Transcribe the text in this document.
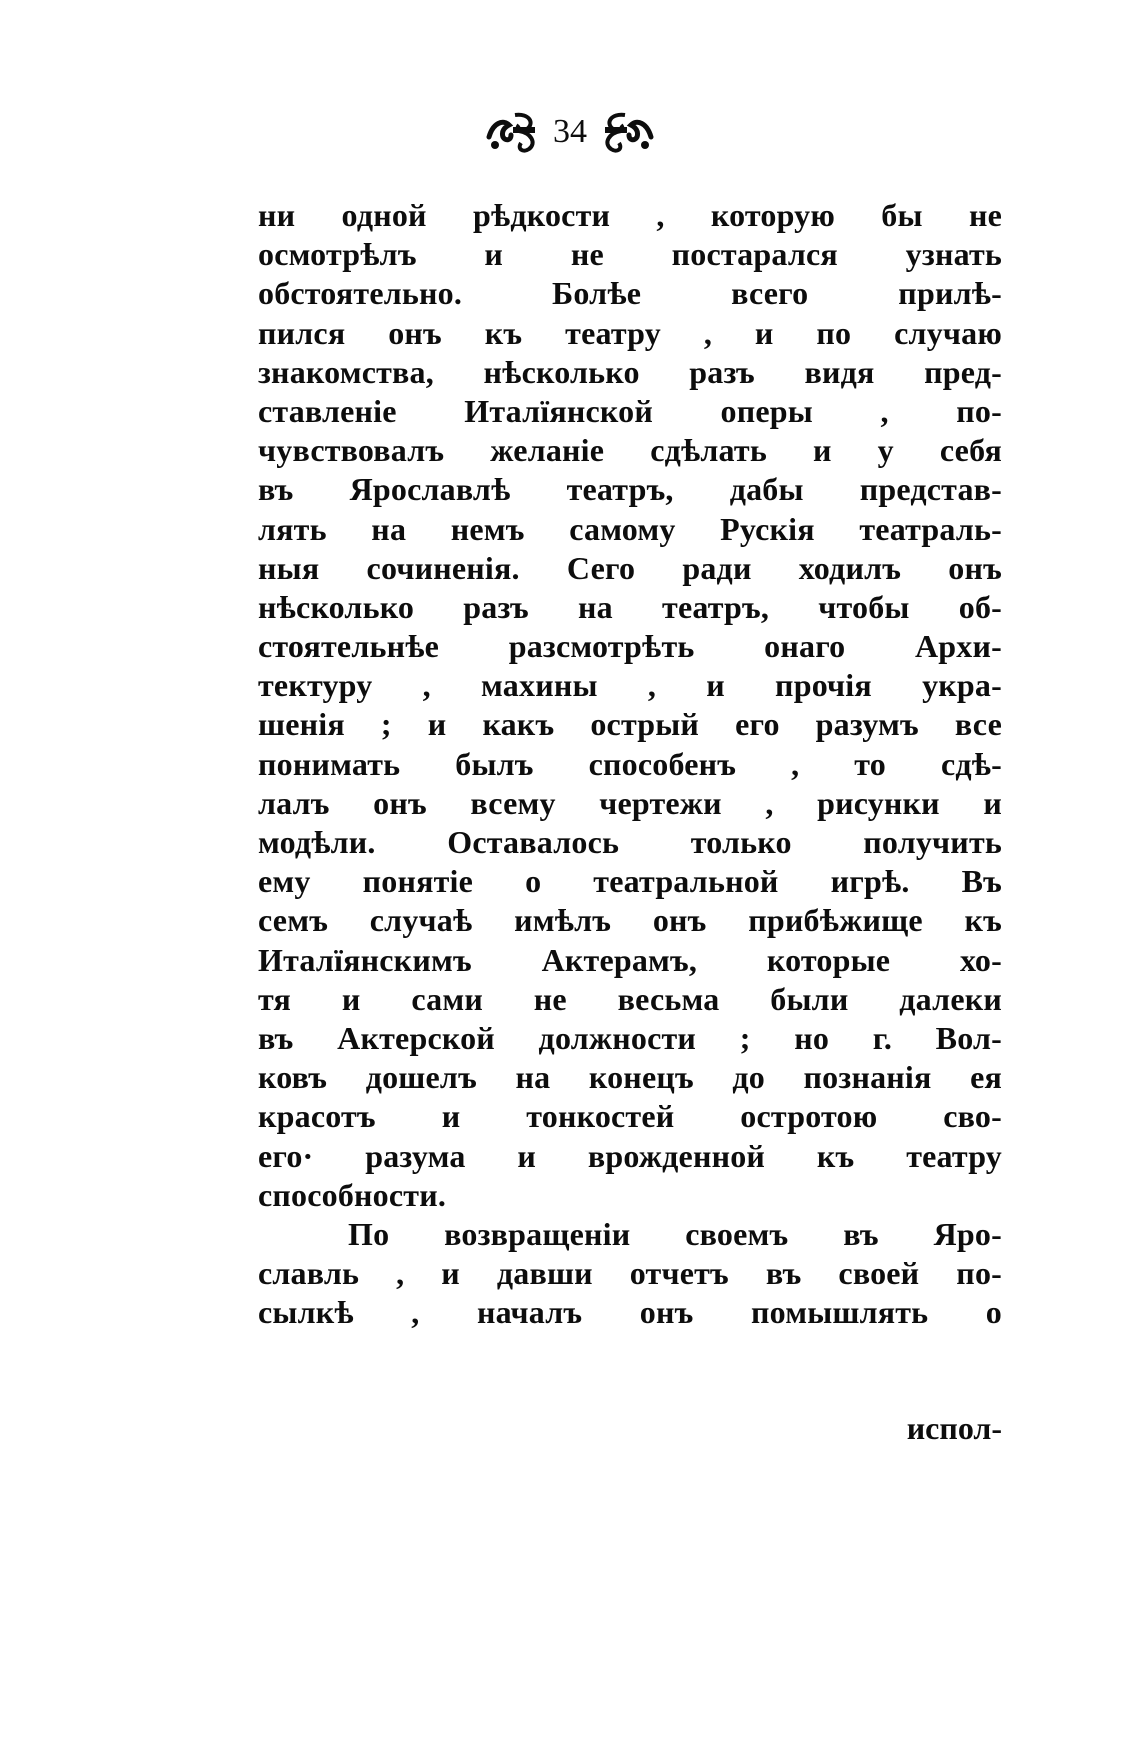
34
ни одной рѣдкости , которую бы не
осмотрѣлъ и не постарался узнать
обстоятельно. Болѣе всего прилѣ-
пился онъ къ театру , и по случаю
знакомства, нѣсколько разъ видя пред-
ставленіе Италїянской оперы , по-
чувствовалъ желаніе сдѣлать и у себя
въ Ярославлѣ театръ, дабы представ-
лять на немъ самому Рускія театраль-
ныя сочиненія. Сего ради ходилъ онъ
нѣсколько разъ на театръ, чтобы об-
стоятельнѣе разсмотрѣть онаго Архи-
тектуру , махины , и прочія укра-
шенія ; и какъ острый его разумъ все
понимать былъ способенъ , то сдѣ-
лалъ онъ всему чертежи , рисунки и
модѣли. Оставалось только получить
ему понятіе о театральной игрѣ. Въ
семъ случаѣ имѣлъ онъ прибѣжище къ
Италїянскимъ Актерамъ, которые хо-
тя и сами не весьма были далеки
въ Актерской должности ; но г. Вол-
ковъ дошелъ на конецъ до познанія ея
красотъ и тонкостей остротою сво-
его· разума и врожденной къ театру
способности.
По возвращеніи своемъ въ Яро-
славль , и давши отчетъ въ своей по-
сылкѣ , началъ онъ помышлять о
испол-
